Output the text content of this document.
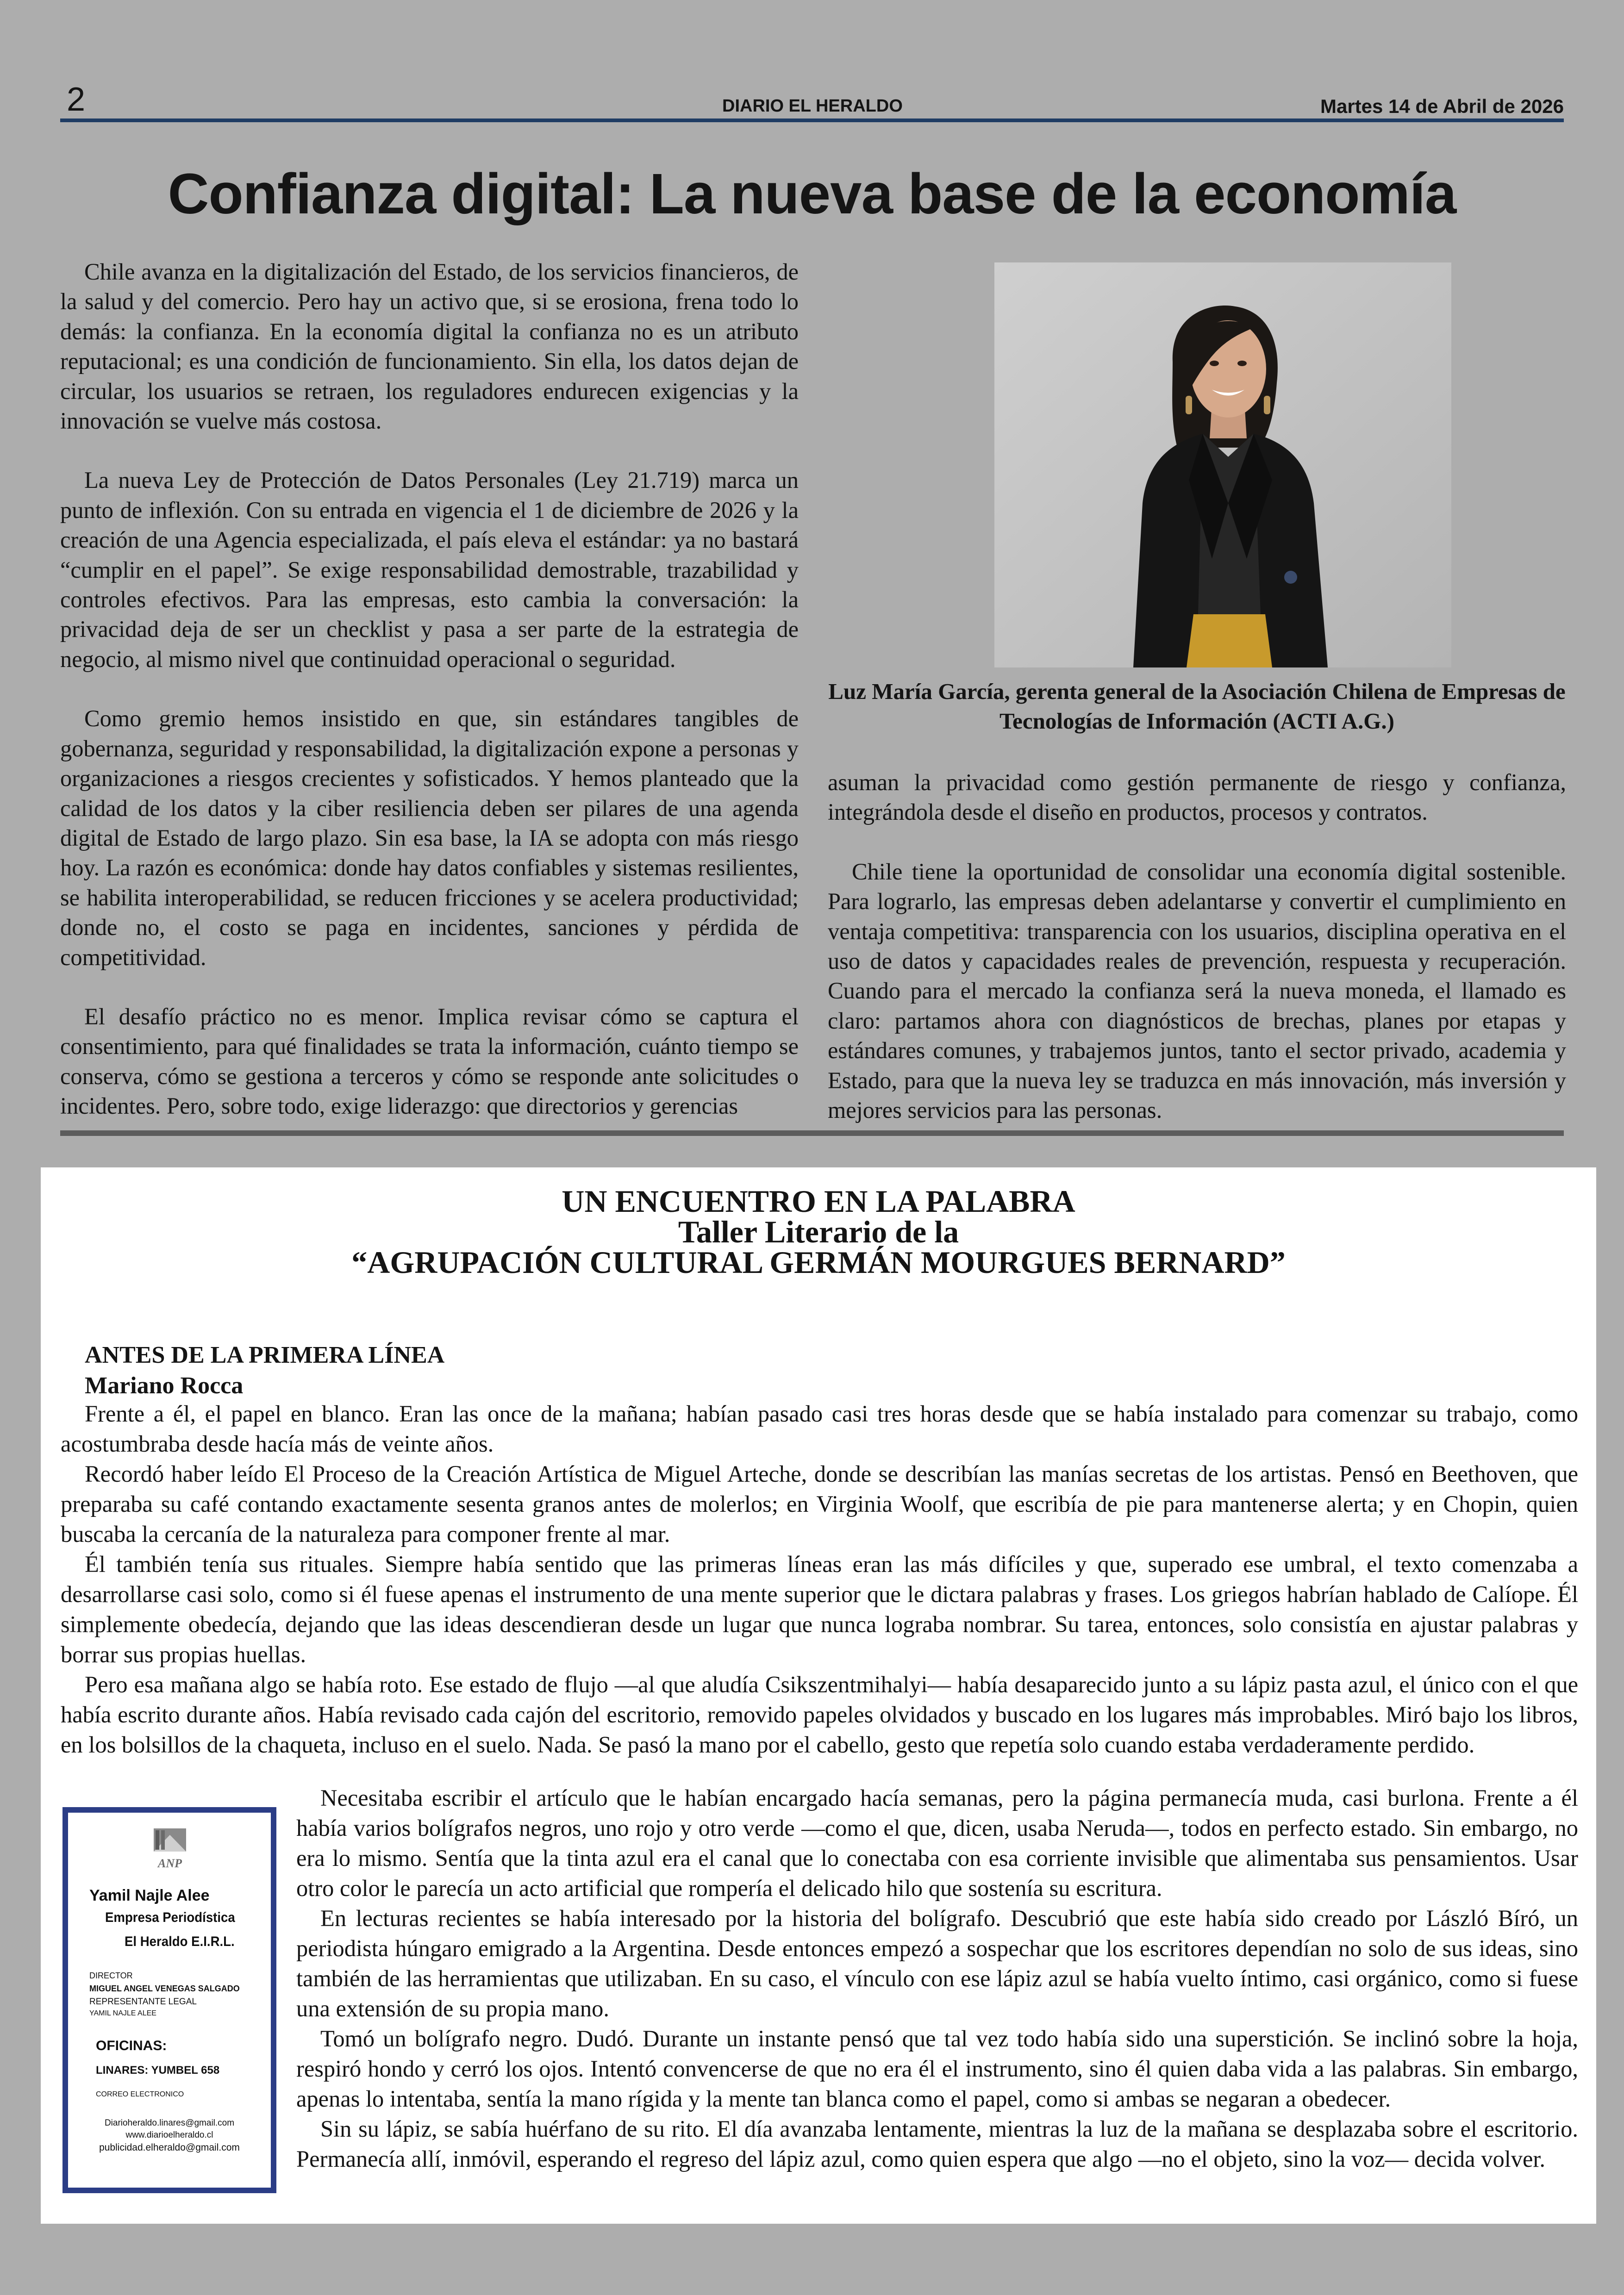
2	DIARIO EL HERALDO	Martes 14 de Abril de 2026
Confianza digital: La nueva base de la economía

Chile avanza en la digitalización del Estado, de los servicios financieros, de la salud y del comercio. Pero hay un activo que, si se erosiona, frena todo lo demás: la confianza. En la economía digital la confianza no es un atributo reputacional; es una condición de funcionamiento. Sin ella, los datos dejan de circular, los usuarios se retraen, los reguladores endurecen exigencias y la innovación se vuelve más costosa.

La nueva Ley de Protección de Datos Personales (Ley 21.719) marca un punto de inflexión. Con su entrada en vigencia el 1 de diciembre de 2026 y la creación de una Agencia especializada, el país eleva el estándar: ya no bastará “cumplir en el papel”. Se exige responsabilidad demostrable, trazabilidad y controles efectivos. Para las empresas, esto cambia la conversación: la privacidad deja de ser un checklist y pasa a ser parte de la estrategia de negocio, al mismo nivel que continuidad operacional o seguridad.

Como gremio hemos insistido en que, sin estándares tangibles de gobernanza, seguridad y responsabilidad, la digitalización expone a personas y organizaciones a riesgos crecientes y sofisticados. Y hemos planteado que la calidad de los datos y la ciber resiliencia deben ser pilares de una agenda digital de Estado de largo plazo. Sin esa base, la IA se adopta con más riesgo hoy. La razón es económica: donde hay datos confiables y sistemas resilientes, se habilita interoperabilidad, se reducen fricciones y se acelera productividad; donde no, el costo se paga en incidentes, sanciones y pérdida de competitividad.

El desafío práctico no es menor. Implica revisar cómo se captura el consentimiento, para qué finalidades se trata la información, cuánto tiempo se conserva, cómo se gestiona a terceros y cómo se responde ante solicitudes o incidentes. Pero, sobre todo, exige liderazgo: que directorios y gerencias

Luz María García, gerenta general de la Asociación Chilena de Empresas de Tecnologías de Información (ACTI A.G.)

asuman la privacidad como gestión permanente de riesgo y confianza, integrándola desde el diseño en productos, procesos y contratos.

Chile tiene la oportunidad de consolidar una economía digital sostenible. Para lograrlo, las empresas deben adelantarse y convertir el cumplimiento en ventaja competitiva: transparencia con los usuarios, disciplina operativa en el uso de datos y capacidades reales de prevención, respuesta y recuperación. Cuando para el mercado la confianza será la nueva moneda, el llamado es claro: partamos ahora con diagnósticos de brechas, planes por etapas y estándares comunes, y trabajemos juntos, tanto el sector privado, academia y Estado, para que la nueva ley se traduzca en más innovación, más inversión y mejores servicios para las personas.

UN ENCUENTRO EN LA PALABRA
Taller Literario de la
“AGRUPACIÓN CULTURAL GERMÁN MOURGUES BERNARD”
ANTES DE LA PRIMERA LÍNEA
Mariano Rocca

Frente a él, el papel en blanco. Eran las once de la mañana; habían pasado casi tres horas desde que se había instalado para comenzar su trabajo, como acostumbraba desde hacía más de veinte años.

Recordó haber leído El Proceso de la Creación Artística de Miguel Arteche, donde se describían las manías secretas de los artistas. Pensó en Beethoven, que preparaba su café contando exactamente sesenta granos antes de molerlos; en Virginia Woolf, que escribía de pie para mantenerse alerta; y en Chopin, quien buscaba la cercanía de la naturaleza para componer frente al mar.

Él también tenía sus rituales. Siempre había sentido que las primeras líneas eran las más difíciles y que, superado ese umbral, el texto comenzaba a desarrollarse casi solo, como si él fuese apenas el instrumento de una mente superior que le dictara palabras y frases. Los griegos habrían hablado de Calíope. Él simplemente obedecía, dejando que las ideas descendieran desde un lugar que nunca lograba nombrar. Su tarea, entonces, solo consistía en ajustar palabras y borrar sus propias huellas.

Pero esa mañana algo se había roto. Ese estado de flujo —al que aludía Csikszentmihalyi— había desaparecido junto a su lápiz pasta azul, el único con el que había escrito durante años. Había revisado cada cajón del escritorio, removido papeles olvidados y buscado en los lugares más improbables. Miró bajo los libros, en los bolsillos de la chaqueta, incluso en el suelo. Nada. Se pasó la mano por el cabello, gesto que repetía solo cuando estaba verdaderamente perdido.

Necesitaba escribir el artículo que le habían encargado hacía semanas, pero la página permanecía muda, casi burlona. Frente a él había varios bolígrafos negros, uno rojo y otro verde —como el que, dicen, usaba Neruda—, todos en perfecto estado. Sin embargo, no era lo mismo. Sentía que la tinta azul era el canal que lo conectaba con esa corriente invisible que alimentaba sus pensamientos. Usar otro color le parecía un acto artificial que rompería el delicado hilo que sostenía su escritura.

En lecturas recientes se había interesado por la historia del bolígrafo. Descubrió que este había sido creado por László Bíró, un periodista húngaro emigrado a la Argentina. Desde entonces empezó a sospechar que los escritores dependían no solo de sus ideas, sino también de las herramientas que utilizaban. En su caso, el vínculo con ese lápiz azul se había vuelto íntimo, casi orgánico, como si fuese una extensión de su propia mano.

Tomó un bolígrafo negro. Dudó. Durante un instante pensó que tal vez todo había sido una superstición. Se inclinó sobre la hoja, respiró hondo y cerró los ojos. Intentó convencerse de que no era él el instrumento, sino él quien daba vida a las palabras. Sin embargo, apenas lo intentaba, sentía la mano rígida y la mente tan blanca como el papel, como si ambas se negaran a obedecer.

Sin su lápiz, se sabía huérfano de su rito. El día avanzaba lentamente, mientras la luz de la mañana se desplazaba sobre el escritorio. Permanecía allí, inmóvil, esperando el regreso del lápiz azul, como quien espera que algo —no el objeto, sino la voz— decida volver.

ANP
Yamil Najle Alee
Empresa Periodística
El Heraldo E.I.R.L.
DIRECTOR
MIGUEL ANGEL VENEGAS SALGADO
REPRESENTANTE LEGAL
YAMIL NAJLE ALEE
OFICINAS:
LINARES: YUMBEL 658
CORREO ELECTRONICO
Diarioheraldo.linares@gmail.com
www.diarioelheraldo.cl
publicidad.elheraldo@gmail.com
